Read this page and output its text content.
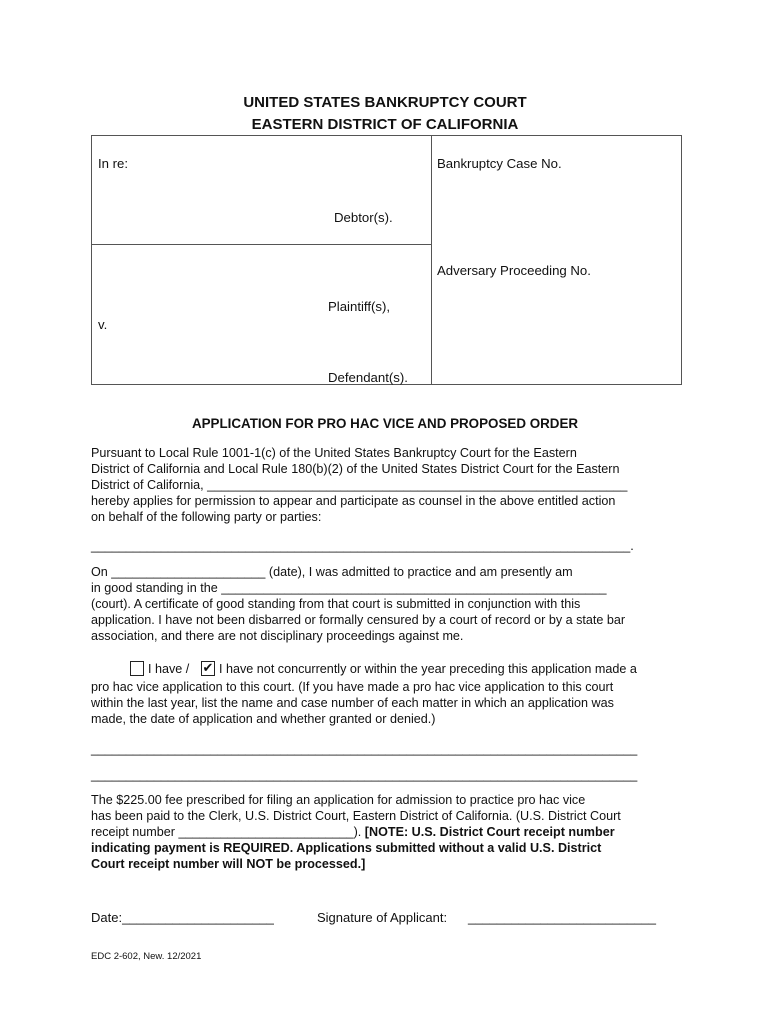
UNITED STATES BANKRUPTCY COURT
EASTERN DISTRICT OF CALIFORNIA
In re:	Bankruptcy Case No.
Debtor(s).
Adversary Proceeding No.
Plaintiff(s),
v.
Defendant(s).
APPLICATION FOR PRO HAC VICE AND PROPOSED ORDER
Pursuant to Local Rule 1001-1(c) of the United States Bankruptcy Court for the Eastern
District of California and Local Rule 180(b)(2) of the United States District Court for the Eastern
District of California, ____________________________________________________________
hereby applies for permission to appear and participate as counsel in the above entitled action
on behalf of the following party or parties:
_____________________________________________________________________________.
On ______________________ (date), I was admitted to practice and am presently am
in good standing in the _______________________________________________________
(court). A certificate of good standing from that court is submitted in conjunction with this
application. I have not been disbarred or formally censured by a court of record or by a state bar
association, and there are not disciplinary proceedings against me.
I have / ✔ I have not concurrently or within the year preceding this application made a
pro hac vice application to this court. (If you have made a pro hac vice application to this court
within the last year, list the name and case number of each matter in which an application was
made, the date of application and whether granted or denied.)
______________________________________________________________________________
______________________________________________________________________________
The $225.00 fee prescribed for filing an application for admission to practice pro hac vice
has been paid to the Clerk, U.S. District Court, Eastern District of California. (U.S. District Court
receipt number _________________________). [NOTE: U.S. District Court receipt number
indicating payment is REQUIRED. Applications submitted without a valid U.S. District
Court receipt number will NOT be processed.]
Date:_____________________	Signature of Applicant: __________________________
EDC 2-602, New. 12/2021
